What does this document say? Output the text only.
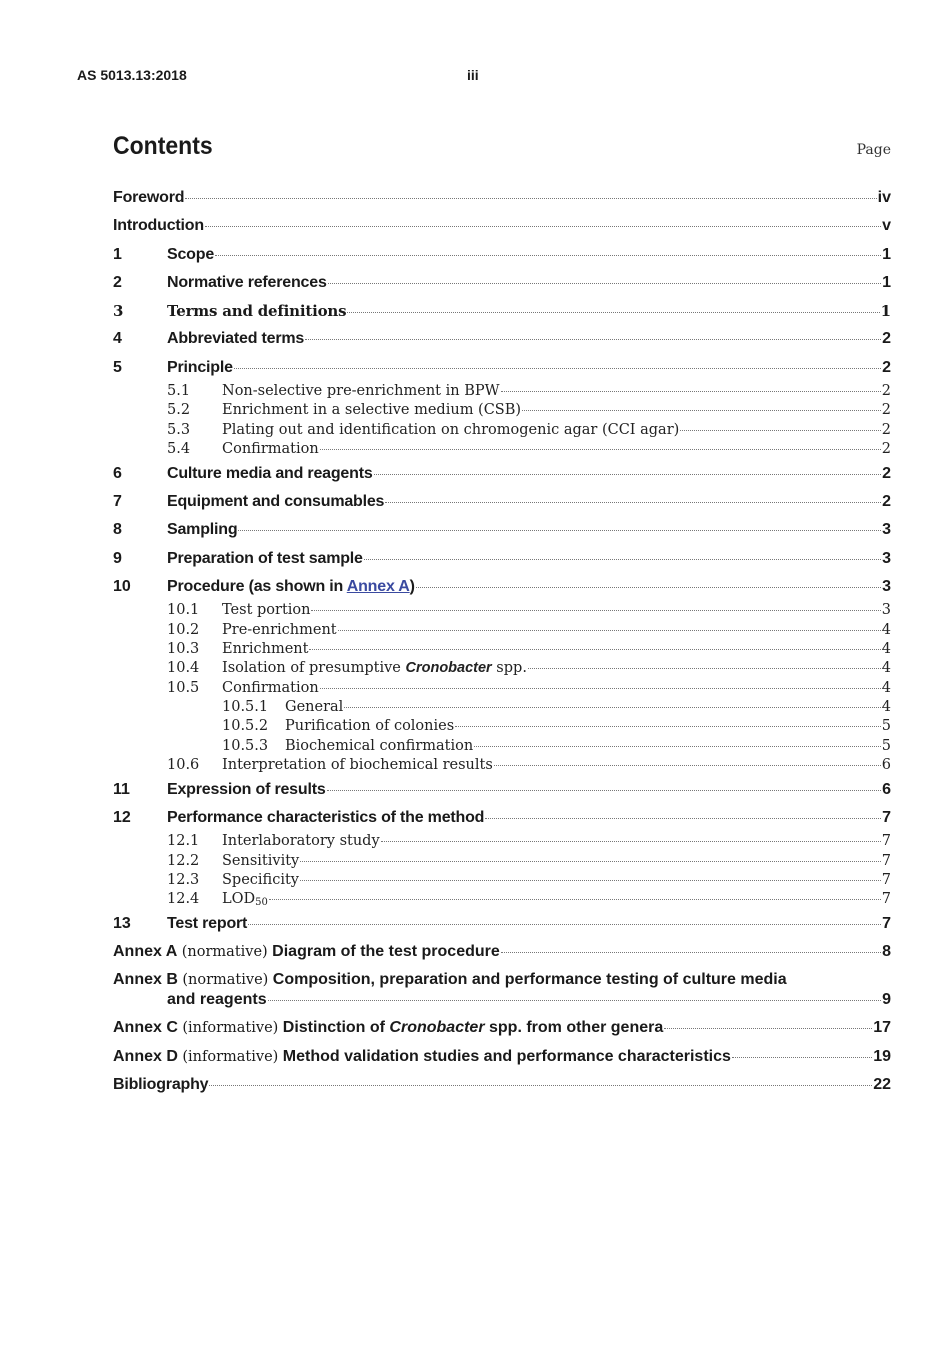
AS 5013.13:2018	iii
Contents	Page
Foreword	iv
Introduction	v
1	Scope	1
2	Normative references	1
3	Terms and definitions	1
4	Abbreviated terms	2
5	Principle	2
5.1	Non-selective pre-enrichment in BPW	2
5.2	Enrichment in a selective medium (CSB)	2
5.3	Plating out and identification on chromogenic agar (CCI agar)	2
5.4	Confirmation	2
6	Culture media and reagents	2
7	Equipment and consumables	2
8	Sampling	3
9	Preparation of test sample	3
10	Procedure (as shown in Annex A)	3
10.1	Test portion	3
10.2	Pre-enrichment	4
10.3	Enrichment	4
10.4	Isolation of presumptive Cronobacter spp.	4
10.5	Confirmation	4
10.5.1	General	4
10.5.2	Purification of colonies	5
10.5.3	Biochemical confirmation	5
10.6	Interpretation of biochemical results	6
11	Expression of results	6
12	Performance characteristics of the method	7
12.1	Interlaboratory study	7
12.2	Sensitivity	7
12.3	Specificity	7
12.4	$LOD_{50}$	7
13	Test report	7
Annex A (normative) Diagram of the test procedure	8
Annex B (normative) Composition, preparation and performance testing of culture media
and reagents	9
Annex C (informative) Distinction of Cronobacter spp. from other genera	17
Annex D (informative) Method validation studies and performance characteristics	19
Bibliography	22
